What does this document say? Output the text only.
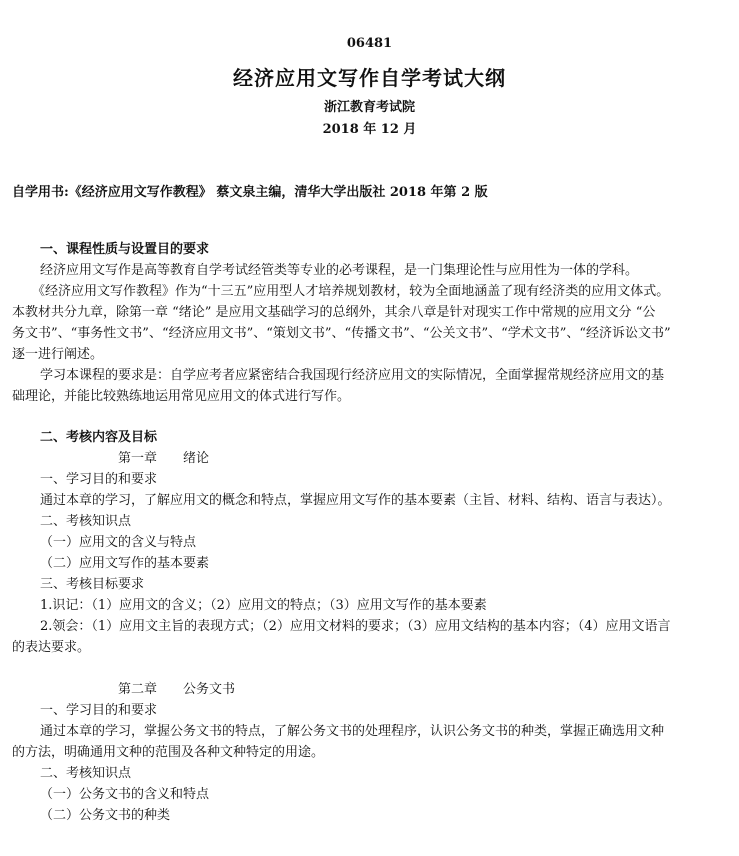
06481
经济应用文写作自学考试大纲
浙江教育考试院
2018 年 12 月
自学用书:《经济应用文写作教程》 蔡文泉主编，清华大学出版社 2018 年第 2 版
一、课程性质与设置目的要求
经济应用文写作是高等教育自学考试经管类等专业的必考课程，是一门集理论性与应用性为一体的学科。
《经济应用文写作教程》作为“十三五”应用型人才培养规划教材，较为全面地涵盖了现有经济类的应用文体式。
本教材共分九章，除第一章 “绪论” 是应用文基础学习的总纲外，其余八章是针对现实工作中常规的应用文分 “公
务文书”、“事务性文书”、“经济应用文书”、“策划文书”、“传播文书”、“公关文书”、“学术文书”、“经济诉讼文书”
逐一进行阐述。
学习本课程的要求是：自学应考者应紧密结合我国现行经济应用文的实际情况，全面掌握常规经济应用文的基
础理论，并能比较熟练地运用常见应用文的体式进行写作。
二、考核内容及目标
第一章　　绪论
一、学习目的和要求
通过本章的学习，了解应用文的概念和特点，掌握应用文写作的基本要素（主旨、材料、结构、语言与表达）。
二、考核知识点
（一）应用文的含义与特点
（二）应用文写作的基本要素
三、考核目标要求
1.识记：（1）应用文的含义；（2）应用文的特点；（3）应用文写作的基本要素
2.领会：（1）应用文主旨的表现方式；（2）应用文材料的要求；（3）应用文结构的基本内容；（4）应用文语言
的表达要求。
第二章　　公务文书
一、学习目的和要求
通过本章的学习，掌握公务文书的特点，了解公务文书的处理程序，认识公务文书的种类，掌握正确选用文种
的方法，明确通用文种的范围及各种文种特定的用途。
二、考核知识点
（一）公务文书的含义和特点
（二）公务文书的种类
